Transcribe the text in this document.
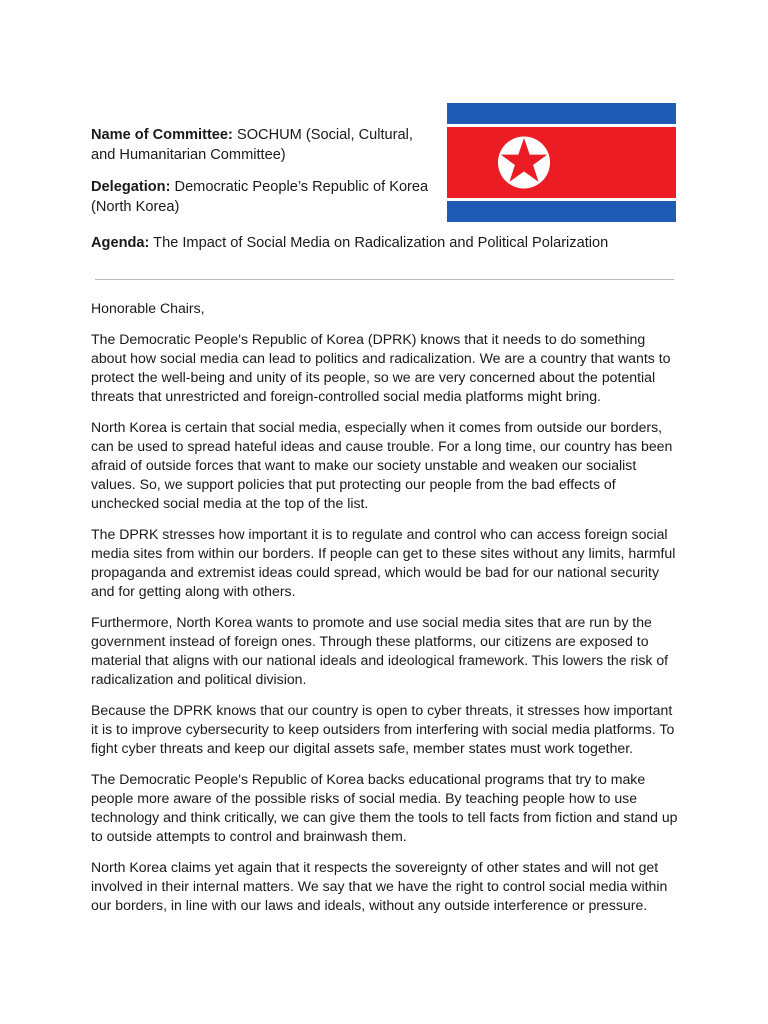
Name of Committee: SOCHUM (Social, Cultural, and Humanitarian Committee)
Delegation: Democratic People’s Republic of Korea (North Korea)
Agenda: The Impact of Social Media on Radicalization and Political Polarization

Honorable Chairs,

The Democratic People's Republic of Korea (DPRK) knows that it needs to do something about how social media can lead to politics and radicalization. We are a country that wants to protect the well-being and unity of its people, so we are very concerned about the potential threats that unrestricted and foreign-controlled social media platforms might bring.

North Korea is certain that social media, especially when it comes from outside our borders, can be used to spread hateful ideas and cause trouble. For a long time, our country has been afraid of outside forces that want to make our society unstable and weaken our socialist values. So, we support policies that put protecting our people from the bad effects of unchecked social media at the top of the list.

The DPRK stresses how important it is to regulate and control who can access foreign social media sites from within our borders. If people can get to these sites without any limits, harmful propaganda and extremist ideas could spread, which would be bad for our national security and for getting along with others.

Furthermore, North Korea wants to promote and use social media sites that are run by the government instead of foreign ones. Through these platforms, our citizens are exposed to material that aligns with our national ideals and ideological framework. This lowers the risk of radicalization and political division.

Because the DPRK knows that our country is open to cyber threats, it stresses how important it is to improve cybersecurity to keep outsiders from interfering with social media platforms. To fight cyber threats and keep our digital assets safe, member states must work together.

The Democratic People's Republic of Korea backs educational programs that try to make people more aware of the possible risks of social media. By teaching people how to use technology and think critically, we can give them the tools to tell facts from fiction and stand up to outside attempts to control and brainwash them.

North Korea claims yet again that it respects the sovereignty of other states and will not get involved in their internal matters. We say that we have the right to control social media within our borders, in line with our laws and ideals, without any outside interference or pressure.
